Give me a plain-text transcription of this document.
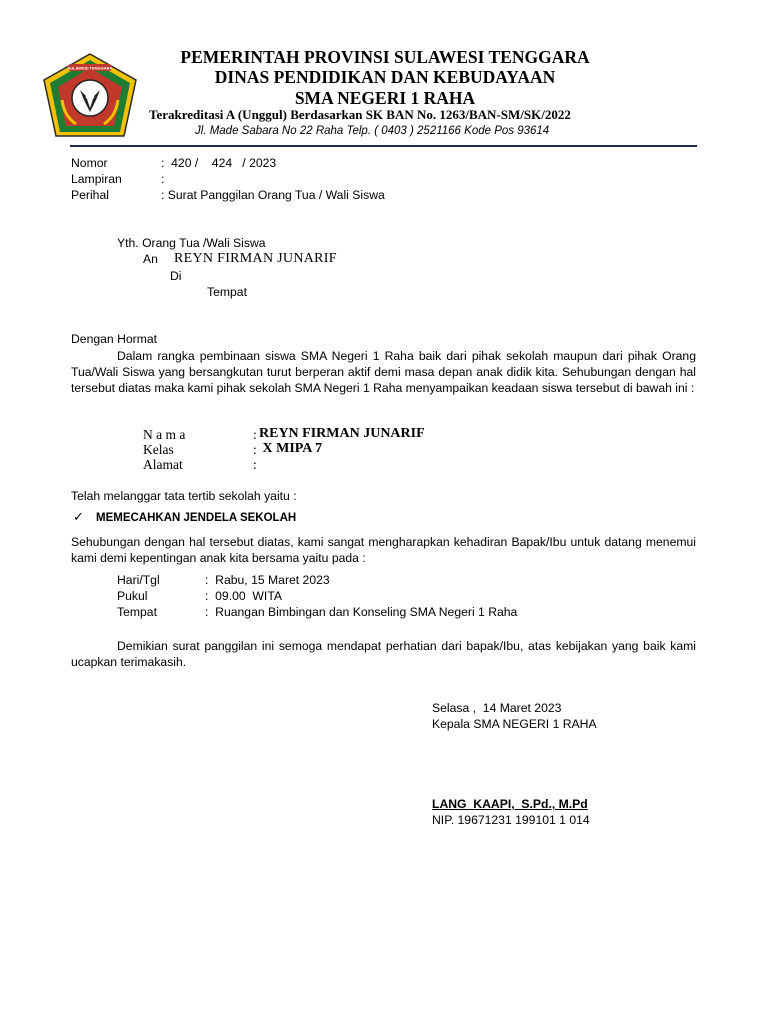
SULAWESI TENGGARA
PEMERINTAH PROVINSI SULAWESI TENGGARA
DINAS PENDIDIKAN DAN KEBUDAYAAN
SMA NEGERI 1 RAHA
Terakreditasi A (Unggul) Berdasarkan SK BAN No. 1263/BAN-SM/SK/2022
Jl. Made Sabara No 22 Raha Telp. ( 0403 ) 2521166 Kode Pos 93614
Nomor	:  420 /    424   / 2023
Lampiran	:
Perihal	: Surat Panggilan Orang Tua / Wali Siswa
Yth. Orang Tua /Wali Siswa
An REYN FIRMAN JUNARIF
Di
Tempat
Dengan Hormat
Dalam rangka pembinaan siswa SMA Negeri 1 Raha baik dari pihak sekolah maupun dari pihak Orang Tua/Wali Siswa yang bersangkutan turut berperan aktif demi masa depan anak didik kita. Sehubungan dengan hal tersebut diatas maka kami pihak sekolah SMA Negeri 1 Raha menyampaikan keadaan siswa tersebut di bawah ini :
N a m a	: REYN FIRMAN JUNARIF
Kelas	: X MIPA 7
Alamat	:
Telah melanggar tata tertib sekolah yaitu :
✓ MEMECAHKAN JENDELA SEKOLAH
Sehubungan dengan hal tersebut diatas, kami sangat mengharapkan kehadiran Bapak/Ibu untuk datang menemui kami demi kepentingan anak kita bersama yaitu pada :
Hari/Tgl	:  Rabu, 15 Maret 2023
Pukul	:  09.00  WITA
Tempat	:  Ruangan Bimbingan dan Konseling SMA Negeri 1 Raha
Demikian surat panggilan ini semoga mendapat perhatian dari bapak/Ibu, atas kebijakan yang baik kami ucapkan terimakasih.
Selasa ,  14 Maret 2023
Kepala SMA NEGERI 1 RAHA
LANG  KAAPI,  S.Pd., M.Pd
NIP. 19671231 199101 1 014
